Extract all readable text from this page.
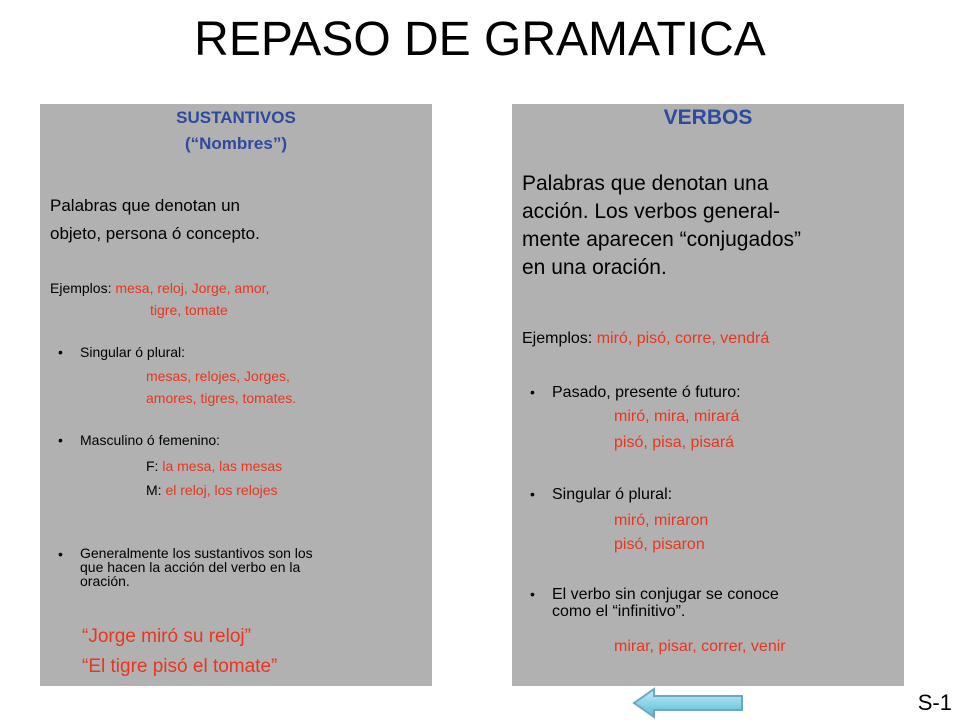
REPASO DE GRAMATICA
SUSTANTIVOS
(“Nombres”)
Palabras que denotan un
objeto, persona ó concepto.
Ejemplos: mesa, reloj, Jorge, amor,
tigre, tomate
• Singular ó plural:
mesas, relojes, Jorges,
amores, tigres, tomates.
• Masculino ó femenino:
F: la mesa, las mesas
M: el reloj, los relojes
• Generalmente los sustantivos son los
que hacen la acción del verbo en la
oración.
“Jorge miró su reloj”
“El tigre pisó el tomate”
VERBOS
Palabras que denotan una
acción. Los verbos general-
mente aparecen “conjugados”
en una oración.
Ejemplos: miró, pisó, corre, vendrá
• Pasado, presente ó futuro:
miró, mira, mirará
pisó, pisa, pisará
• Singular ó plural:
miró, miraron
pisó, pisaron
• El verbo sin conjugar se conoce
como el “infinitivo”.
mirar, pisar, correr, venir
S-1
